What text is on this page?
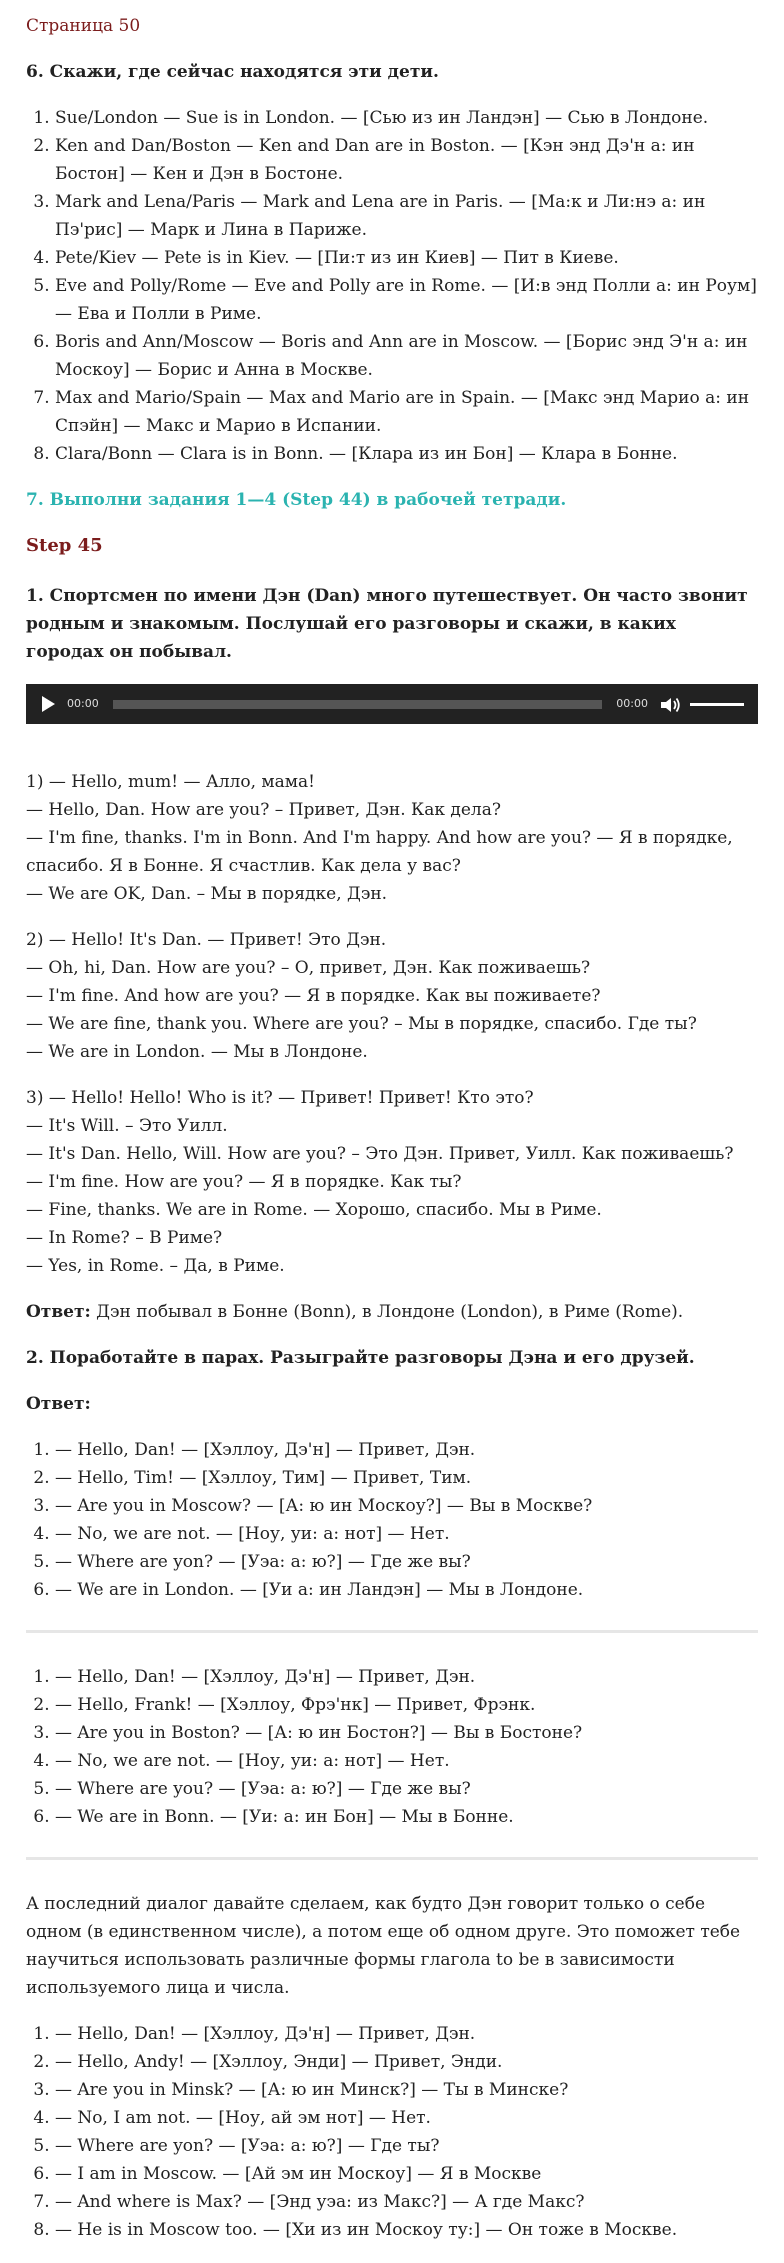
Страница 50
6. Скажи, где сейчас находятся эти дети.
1. Sue/London — Sue is in London. — [Сью из ин Ландэн] — Сью в Лондоне.
2. Ken and Dan/Boston — Ken and Dan are in Boston. — [Кэн энд Дэ'н а: ин Бостон] — Кен и Дэн в Бостоне.
3. Mark and Lena/Paris — Mark and Lena are in Paris. — [Ма:к и Ли:нэ а: ин Пэ'рис] — Марк и Лина в Париже.
4. Pete/Kiev — Pete is in Kiev. — [Пи:т из ин Киев] — Пит в Киеве.
5. Eve and Polly/Rome — Eve and Polly are in Rome. — [И:в энд Полли а: ин Роум] — Ева и Полли в Риме.
6. Boris and Ann/Moscow — Boris and Ann are in Moscow. — [Борис энд Э'н а: ин Москоу] — Борис и Анна в Москве.
7. Max and Mario/Spain — Max and Mario are in Spain. — [Макс энд Марио а: ин Спэйн] — Макс и Марио в Испании.
8. Clara/Bonn — Clara is in Bonn. — [Клара из ин Бон] — Клара в Бонне.
7. Выполни задания 1—4 (Step 44) в рабочей тетради.
Step 45
1. Спортсмен по имени Дэн (Dan) много путешествует. Он часто звонит родным и знакомым. Послушай его разговоры и скажи, в каких городах он побывал.
00:00	00:00
1) — Hello, mum! — Алло, мама!
— Hello, Dan. How are you? – Привет, Дэн. Как дела?
— I'm fine, thanks. I'm in Bonn. And I'm happy. And how are you? — Я в порядке, спасибо. Я в Бонне. Я счастлив. Как дела у вас?
— We are OK, Dan. – Мы в порядке, Дэн.
2) — Hello! It's Dan. — Привет! Это Дэн.
— Oh, hi, Dan. How are you? – О, привет, Дэн. Как поживаешь?
— I'm fine. And how are you? — Я в порядке. Как вы поживаете?
— We are fine, thank you. Where are you? – Мы в порядке, спасибо. Где ты?
— We are in London. — Мы в Лондоне.
3) — Hello! Hello! Who is it? — Привет! Привет! Кто это?
— It's Will. – Это Уилл.
— It's Dan. Hello, Will. How are you? – Это Дэн. Привет, Уилл. Как поживаешь?
— I'm fine. How are you? — Я в порядке. Как ты?
— Fine, thanks. We are in Rome. — Хорошо, спасибо. Мы в Риме.
— In Rome? – В Риме?
— Yes, in Rome. – Да, в Риме.
Ответ: Дэн побывал в Бонне (Bonn), в Лондоне (London), в Риме (Rome).
2. Поработайте в парах. Разыграйте разговоры Дэна и его друзей.
Ответ:
1. — Hello, Dan! — [Хэллоу, Дэ'н] — Привет, Дэн.
2. — Hello, Tim! — [Хэллоу, Тим] — Привет, Тим.
3. — Are you in Moscow? — [А: ю ин Москоу?] — Вы в Москве?
4. — No, we are not. — [Ноу, уи: а: нот] — Нет.
5. — Where are yon? — [Уэа: а: ю?] — Где же вы?
6. — We are in London. — [Уи а: ин Ландэн] — Мы в Лондоне.
1. — Hello, Dan! — [Хэллоу, Дэ'н] — Привет, Дэн.
2. — Hello, Frank! — [Хэллоу, Фрэ'нк] — Привет, Фрэнк.
3. — Are you in Boston? — [А: ю ин Бостон?] — Вы в Бостоне?
4. — No, we are not. — [Ноу, уи: а: нот] — Нет.
5. — Where are you? — [Уэа: а: ю?] — Где же вы?
6. — We are in Bonn. — [Уи: а: ин Бон] — Мы в Бонне.
А последний диалог давайте сделаем, как будто Дэн говорит только о себе одном (в единственном числе), а потом еще об одном друге. Это поможет тебе научиться использовать различные формы глагола to be в зависимости используемого лица и числа.
1. — Hello, Dan! — [Хэллоу, Дэ'н] — Привет, Дэн.
2. — Hello, Andy! — [Хэллоу, Энди] — Привет, Энди.
3. — Are you in Minsk? — [А: ю ин Минск?] — Ты в Минске?
4. — No, I am not. — [Ноу, ай эм нот] — Нет.
5. — Where are yon? — [Уэа: а: ю?] — Где ты?
6. — I am in Moscow. — [Ай эм ин Москоу] — Я в Москве
7. — And where is Max? — [Энд уэа: из Макс?] — А где Макс?
8. — He is in Moscow too. — [Хи из ин Москоу ту:] — Он тоже в Москве.
